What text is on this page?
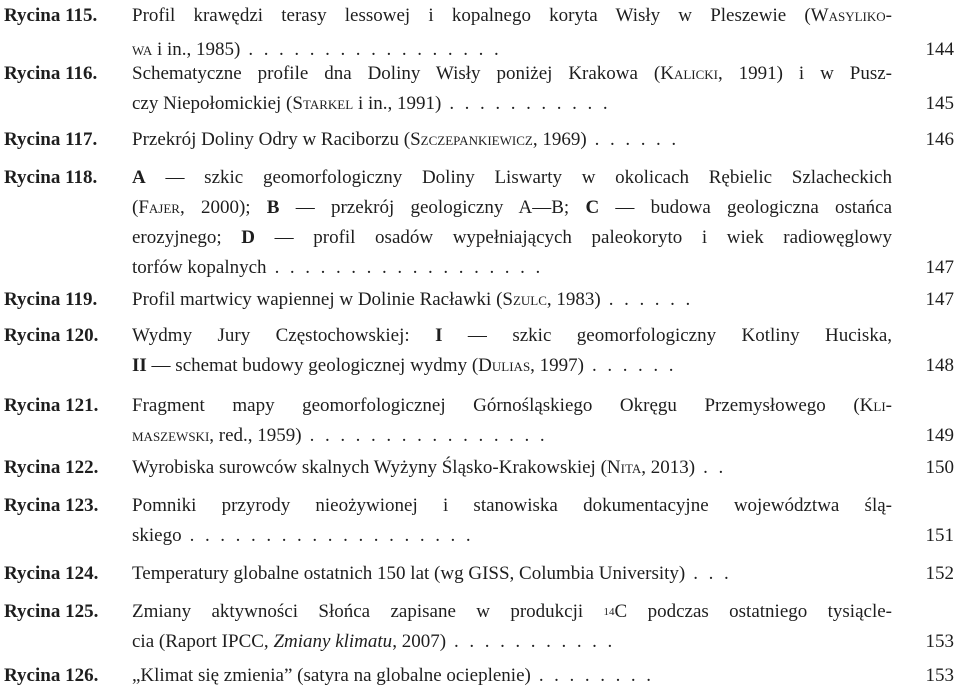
Rycina 115. Profil krawędzi terasy lessowej i kopalnego koryta Wisły w Pleszewie (Wasyliko-
wa i in., 1985) .................	144
Rycina 116. Schematyczne profile dna Doliny Wisły poniżej Krakowa (Kalicki, 1991) i w Pusz-
czy Niepołomickiej (Starkel i in., 1991) ...........	145
Rycina 117. Przekrój Doliny Odry w Raciborzu (Szczepankiewicz, 1969) ......	146
Rycina 118. A — szkic geomorfologiczny Doliny Liswarty w okolicach Rębielic Szlacheckich
(Fajer, 2000); B — przekrój geologiczny A—B; C — budowa geologiczna ostańca
erozyjnego; D — profil osadów wypełniających paleokoryto i wiek radiowęglowy
torfów kopalnych ..................	147
Rycina 119. Profil martwicy wapiennej w Dolinie Racławki (Szulc, 1983) ......	147
Rycina 120. Wydmy Jury Częstochowskiej: I — szkic geomorfologiczny Kotliny Huciska,
II — schemat budowy geologicznej wydmy (Dulias, 1997) ......	148
Rycina 121. Fragment mapy geomorfologicznej Górnośląskiego Okręgu Przemysłowego (Kli-
maszewski, red., 1959) ................	149
Rycina 122. Wyrobiska surowców skalnych Wyżyny Śląsko-Krakowskiej (Nita, 2013) ..	150
Rycina 123. Pomniki przyrody nieożywionej i stanowiska dokumentacyjne województwa ślą-
skiego ...................	151
Rycina 124. Temperatury globalne ostatnich 150 lat (wg GISS, Columbia University) ...	152
Rycina 125. Zmiany aktywności Słońca zapisane w produkcji $^{14}$C podczas ostatniego tysiącle-
cia (Raport IPCC, Zmiany klimatu, 2007) ...........	153
Rycina 126. „Klimat się zmienia” (satyra na globalne ocieplenie) ........	153
